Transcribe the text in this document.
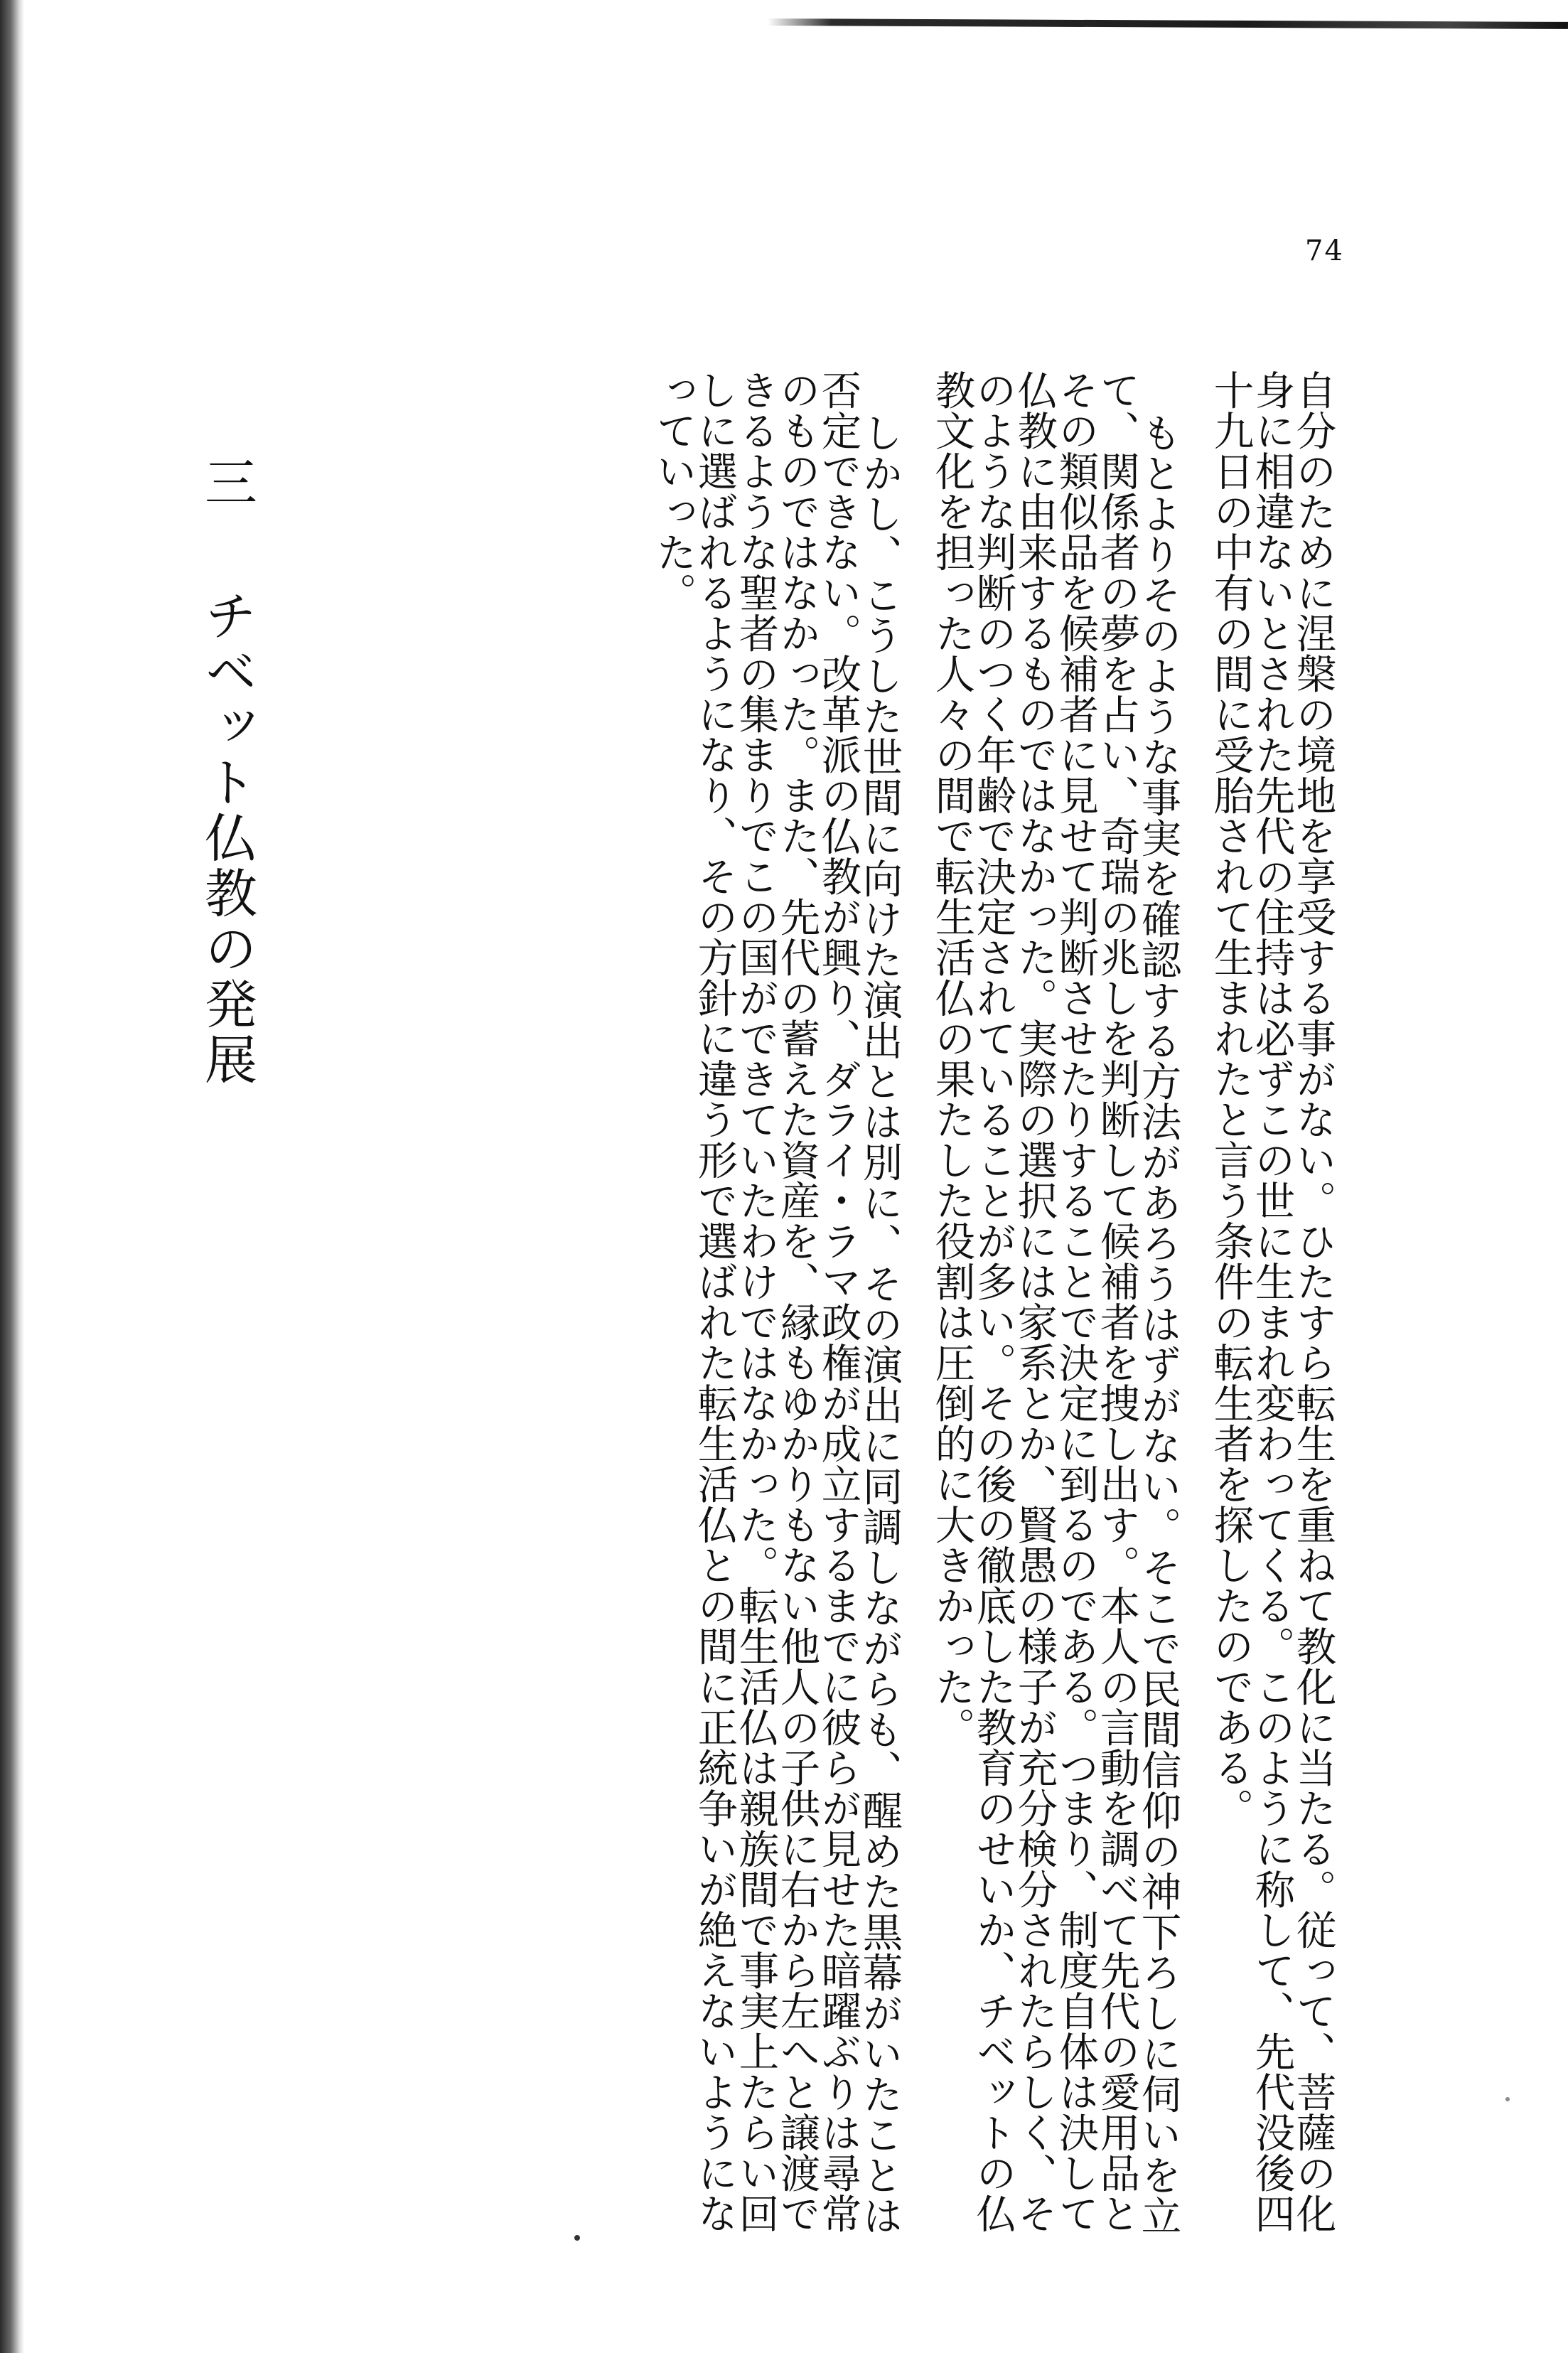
74
自分のために涅槃の境地を享受する事がない。ひたすら転生を重ねて教化に当たる。従って、菩薩の化
身に相違ないとされた先代の住持は必ずこの世に生まれ変わってくる。このように称して、先代没後四
十九日の中有の間に受胎されて生まれたと言う条件の転生者を探したのである。
もとよりそのような事実を確認する方法があろうはずがない。そこで民間信仰の神下ろしに伺いを立
て、関係者の夢を占い、奇瑞の兆しを判断して候補者を捜し出す。本人の言動を調べて先代の愛用品と
その類似品を候補者に見せて判断させたりすることで決定に到るのである。つまり、制度自体は決して
仏教に由来するものではなかった。実際の選択には家系とか、賢愚の様子が充分検分されたらしく、そ
のような判断のつく年齢で決定されていることが多い。その後の徹底した教育のせいか、チベットの仏
教文化を担った人々の間で転生活仏の果たした役割は圧倒的に大きかった。
しかし、こうした世間に向けた演出とは別に、その演出に同調しながらも、醒めた黒幕がいたことは
否定できない。改革派の仏教が興り、ダライ・ラマ政権が成立するまでに彼らが見せた暗躍ぶりは尋常
のものではなかった。また、先代の蓄えた資産を、縁もゆかりもない他人の子供に右から左へと譲渡で
きるような聖者の集まりでこの国ができていたわけではなかった。転生活仏は親族間で事実上たらい回
しに選ばれるようになり、その方針に違う形で選ばれた転生活仏との間に正統争いが絶えないようにな
っていった。
三チベット仏教の発展
